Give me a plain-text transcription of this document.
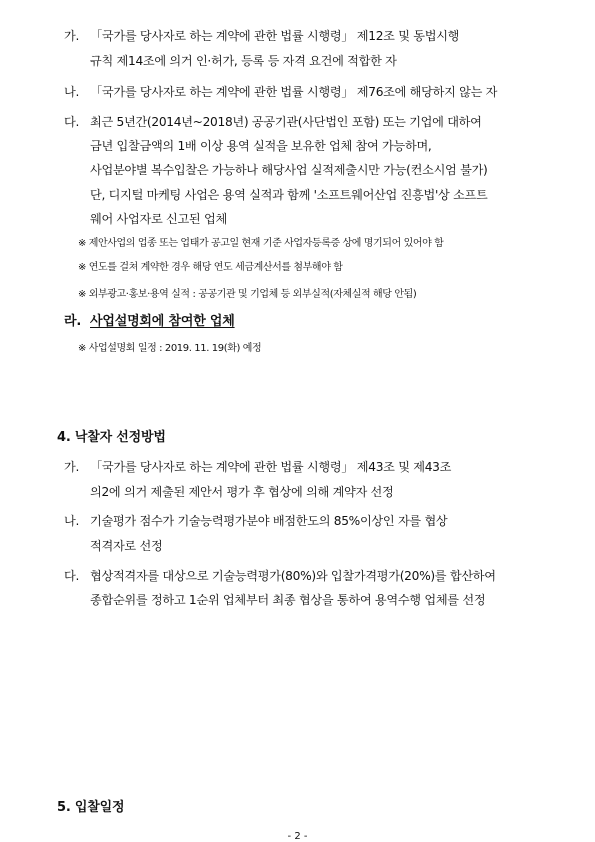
가. 「국가를 당사자로 하는 계약에 관한 법률 시행령」 제12조 및 동법시행
규칙 제14조에 의거 인·허가, 등록 등 자격 요건에 적합한 자
나. 「국가를 당사자로 하는 계약에 관한 법률 시행령」 제76조에 해당하지 않는 자
다. 최근 5년간(2014년~2018년) 공공기관(사단법인 포함) 또는 기업에 대하여
금년 입찰금액의 1배 이상 용역 실적을 보유한 업체 참여 가능하며,
사업분야별 복수입찰은 가능하나 해당사업 실적제출시만 가능(컨소시엄 불가)
단, 디지털 마케팅 사업은 용역 실적과 함께 '소프트웨어산업 진흥법'상 소프트
웨어 사업자로 신고된 업체
※ 제안사업의 업종 또는 업태가 공고일 현재 기준 사업자등록증 상에 명기되어 있어야 함
※ 연도를 걸쳐 계약한 경우 해당 연도 세금계산서를 첨부해야 함
※ 외부광고·홍보·용역 실적 : 공공기관 및 기업체 등 외부실적(자체실적 해당 안됨)
라. 사업설명회에 참여한 업체
※ 사업설명회 일정 : 2019. 11. 19(화) 예정
4. 낙찰자 선정방법
가. 「국가를 당사자로 하는 계약에 관한 법률 시행령」 제43조 및 제43조
의2에 의거 제출된 제안서 평가 후 협상에 의해 계약자 선정
나. 기술평가 점수가 기술능력평가분야 배점한도의 85%이상인 자를 협상
적격자로 선정
다. 협상적격자를 대상으로 기술능력평가(80%)와 입찰가격평가(20%)를 합산하여
종합순위를 정하고 1순위 업체부터 최종 협상을 통하여 용역수행 업체를 선정
5. 입찰일정
- 2 -
